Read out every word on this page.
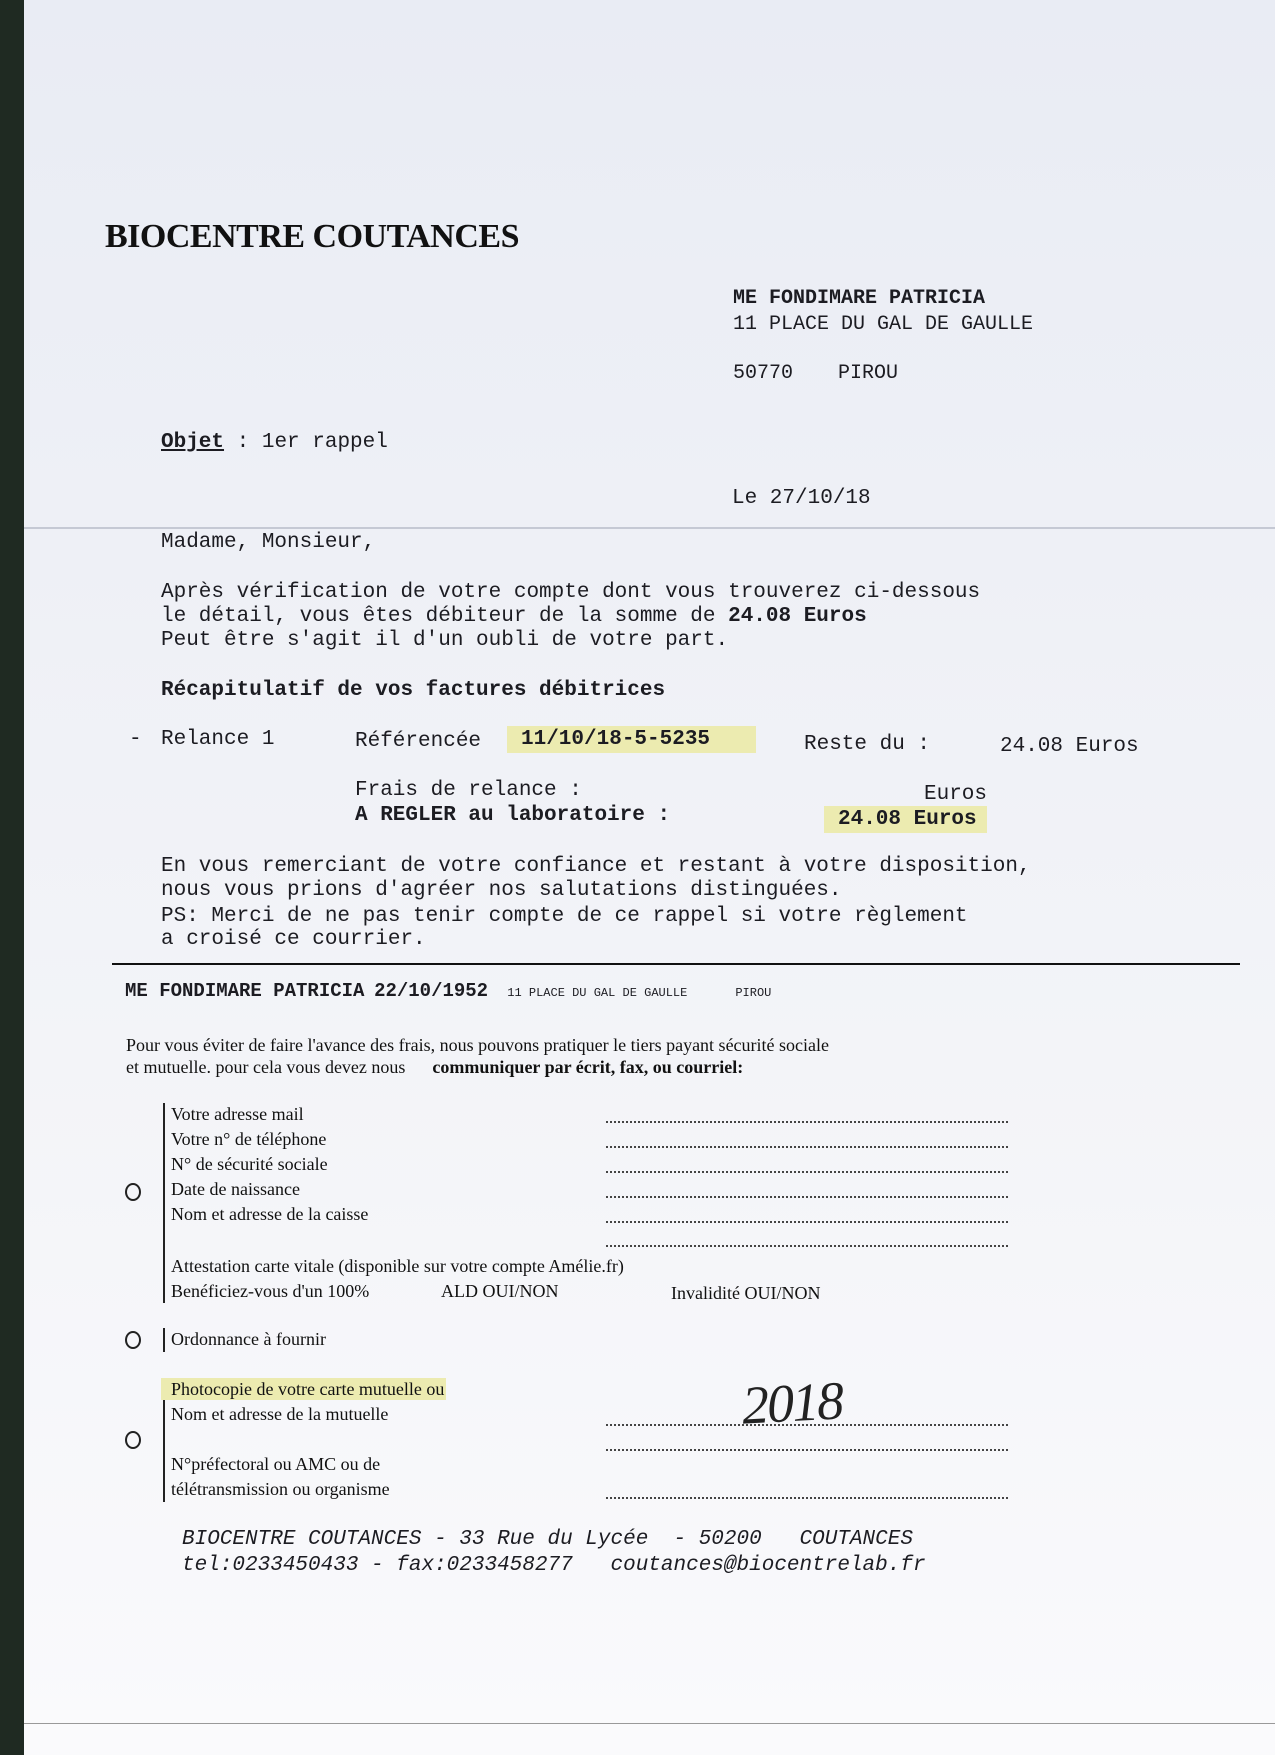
BIOCENTRE COUTANCES
ME FONDIMARE PATRICIA
11 PLACE DU GAL DE GAULLE
50770 PIROU
Objet : 1er rappel
Le 27/10/18
Madame, Monsieur,
Après vérification de votre compte dont vous trouverez ci-dessous
le détail, vous êtes débiteur de la somme de 24.08 Euros
Peut être s'agit il d'un oubli de votre part.
Récapitulatif de vos factures débitrices
- Relance 1	Référencée 11/10/18-5-5235	Reste du :	24.08 Euros
Frais de relance :	Euros
A REGLER au laboratoire :	24.08 Euros
En vous remerciant de votre confiance et restant à votre disposition,
nous vous prions d'agréer nos salutations distinguées.
PS: Merci de ne pas tenir compte de ce rappel si votre règlement
a croisé ce courrier.
ME FONDIMARE PATRICIA 22/10/1952 11 PLACE DU GAL DE GAULLE	PIROU
Pour vous éviter de faire l'avance des frais, nous pouvons pratiquer le tiers payant sécurité sociale
et mutuelle. pour cela vous devez nous communiquer par écrit, fax, ou courriel:
Votre adresse mail
Votre n° de téléphone
N° de sécurité sociale
Date de naissance
Nom et adresse de la caisse
Attestation carte vitale (disponible sur votre compte Amélie.fr)
Benéficiez-vous d'un 100%	ALD OUI/NON	Invalidité OUI/NON
Ordonnance à fournir
Photocopie de votre carte mutuelle ou
Nom et adresse de la mutuelle
N°préfectoral ou AMC ou de
télétransmission ou organisme
2018
BIOCENTRE COUTANCES - 33 Rue du Lycée  - 50200   COUTANCES
tel:0233450433 - fax:0233458277 coutances@biocentrelab.fr
